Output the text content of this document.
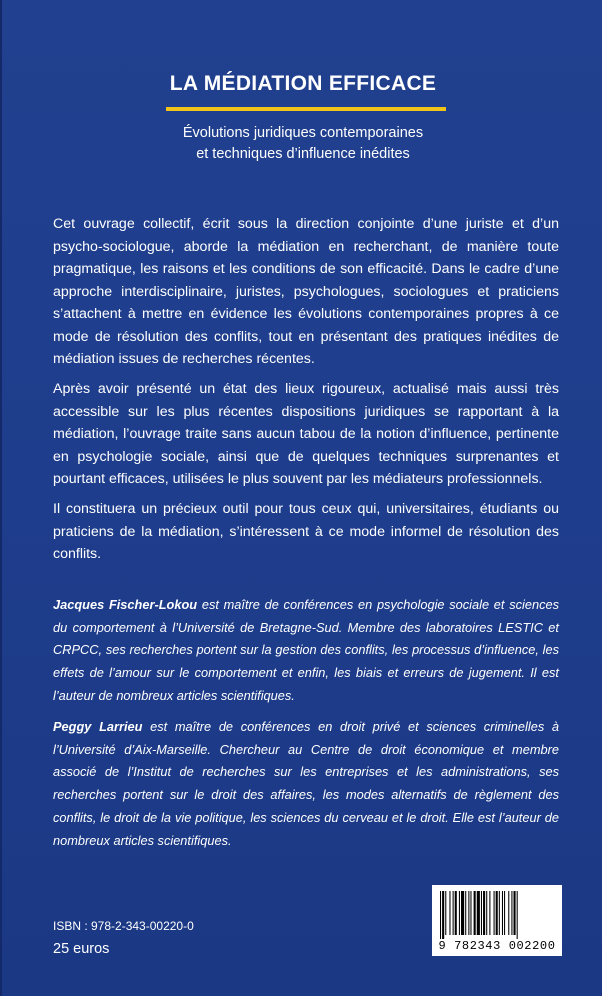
LA MÉDIATION EFFICACE
Évolutions juridiques contemporaines
et techniques d’influence inédites

Cet ouvrage collectif, écrit sous la direction conjointe d’une juriste et d’un psycho-sociologue, aborde la médiation en recherchant, de manière toute pragmatique, les raisons et les conditions de son efficacité. Dans le cadre d’une approche interdisciplinaire, juristes, psychologues, sociologues et praticiens s’attachent à mettre en évidence les évolutions contemporaines propres à ce mode de résolution des conflits, tout en présentant des pratiques inédites de médiation issues de recherches récentes.

Après avoir présenté un état des lieux rigoureux, actualisé mais aussi très accessible sur les plus récentes dispositions juridiques se rapportant à la médiation, l’ouvrage traite sans aucun tabou de la notion d’influence, pertinente en psychologie sociale, ainsi que de quelques techniques surprenantes et pourtant efficaces, utilisées le plus souvent par les médiateurs professionnels.

Il constituera un précieux outil pour tous ceux qui, universitaires, étudiants ou praticiens de la médiation, s’intéressent à ce mode informel de résolution des conflits.

Jacques Fischer-Lokou est maître de conférences en psychologie sociale et sciences du comportement à l’Université de Bretagne-Sud. Membre des laboratoires LESTIC et CRPCC, ses recherches portent sur la gestion des conflits, les processus d’influence, les effets de l’amour sur le comportement et enfin, les biais et erreurs de jugement. Il est l’auteur de nombreux articles scientifiques.

Peggy Larrieu est maître de conférences en droit privé et sciences criminelles à l’Université d’Aix-Marseille. Chercheur au Centre de droit économique et membre associé de l’Institut de recherches sur les entreprises et les administrations, ses recherches portent sur le droit des affaires, les modes alternatifs de règlement des conflits, le droit de la vie politique, les sciences du cerveau et le droit. Elle est l’auteur de nombreux articles scientifiques.

ISBN : 978-2-343-00220-0
25 euros	9 782343 002200
